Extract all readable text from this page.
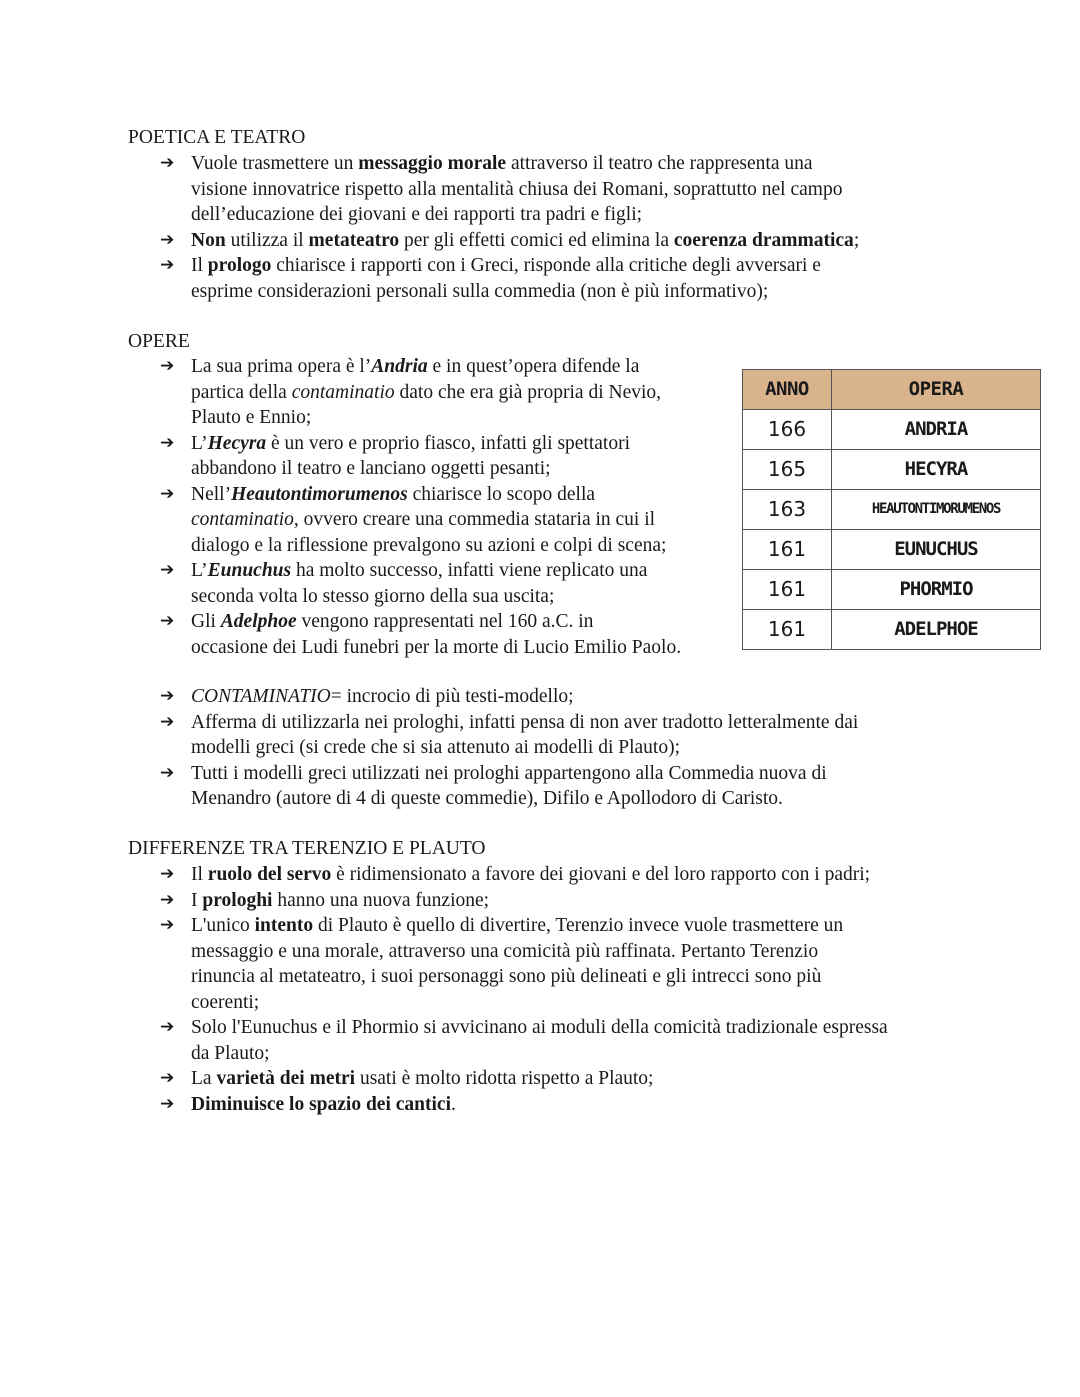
POETICA E TEATRO
➔ Vuole trasmettere un messaggio morale attraverso il teatro che rappresenta una
visione innovatrice rispetto alla mentalità chiusa dei Romani, soprattutto nel campo
dell’educazione dei giovani e dei rapporti tra padri e figli;
➔ Non utilizza il metateatro per gli effetti comici ed elimina la coerenza drammatica;
➔ Il prologo chiarisce i rapporti con i Greci, risponde alla critiche degli avversari e
esprime considerazioni personali sulla commedia (non è più informativo);
OPERE
➔ La sua prima opera è l’Andria e in quest’opera difende la
partica della contaminatio dato che era già propria di Nevio,
Plauto e Ennio;
➔ L’Hecyra è un vero e proprio fiasco, infatti gli spettatori
abbandono il teatro e lanciano oggetti pesanti;
➔ Nell’Heautontimorumenos chiarisce lo scopo della
contaminatio, ovvero creare una commedia stataria in cui il
dialogo e la riflessione prevalgono su azioni e colpi di scena;
➔ L’Eunuchus ha molto successo, infatti viene replicato una
seconda volta lo stesso giorno della sua uscita;
➔ Gli Adelphoe vengono rappresentati nel 160 a.C. in
occasione dei Ludi funebri per la morte di Lucio Emilio Paolo.
ANNO	OPERA
166	ANDRIA
165	HECYRA
163	HEAUTONTIMORUMENOS
161	EUNUCHUS
161	PHORMIO
161	ADELPHOE
➔ CONTAMINATIO= incrocio di più testi-modello;
➔ Afferma di utilizzarla nei prologhi, infatti pensa di non aver tradotto letteralmente dai
modelli greci (si crede che si sia attenuto ai modelli di Plauto);
➔ Tutti i modelli greci utilizzati nei prologhi appartengono alla Commedia nuova di
Menandro (autore di 4 di queste commedie), Difilo e Apollodoro di Caristo.
DIFFERENZE TRA TERENZIO E PLAUTO
➔ Il ruolo del servo è ridimensionato a favore dei giovani e del loro rapporto con i padri;
➔ I prologhi hanno una nuova funzione;
➔ L'unico intento di Plauto è quello di divertire, Terenzio invece vuole trasmettere un
messaggio e una morale, attraverso una comicità più raffinata. Pertanto Terenzio
rinuncia al metateatro, i suoi personaggi sono più delineati e gli intrecci sono più
coerenti;
➔ Solo l'Eunuchus e il Phormio si avvicinano ai moduli della comicità tradizionale espressa
da Plauto;
➔ La varietà dei metri usati è molto ridotta rispetto a Plauto;
➔ Diminuisce lo spazio dei cantici.
